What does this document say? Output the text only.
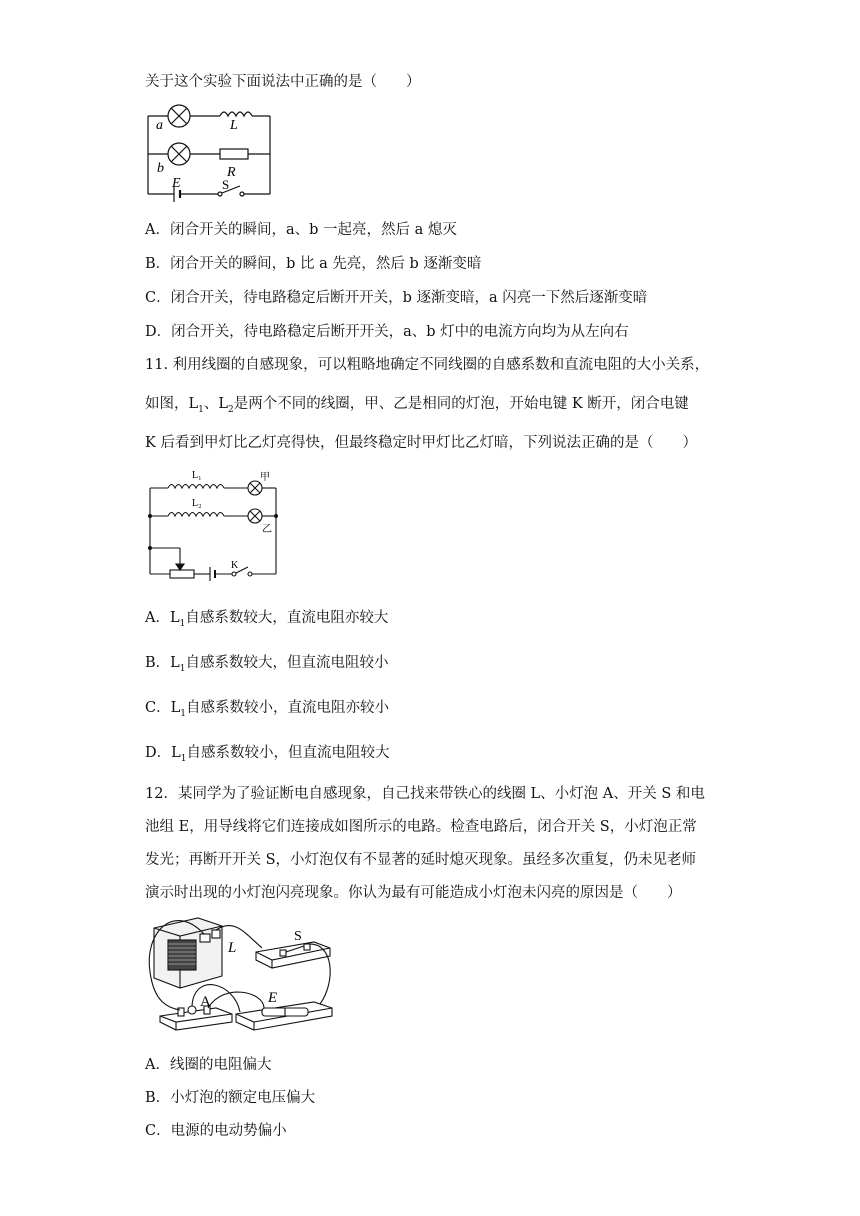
关于这个实验下面说法中正确的是（　　）
a	L
b	R
E	S
A．闭合开关的瞬间，a、b 一起亮，然后 a 熄灭
B．闭合开关的瞬间，b 比 a 先亮，然后 b 逐渐变暗
C．闭合开关，待电路稳定后断开开关，b 逐渐变暗，a 闪亮一下然后逐渐变暗
D．闭合开关，待电路稳定后断开开关，a、b 灯中的电流方向均为从左向右
11. 利用线圈的自感现象，可以粗略地确定不同线圈的自感系数和直流电阻的大小关系，
如图，$L_1$、$L_2$是两个不同的线圈，甲、乙是相同的灯泡，开始电键 K 断开，闭合电键
K 后看到甲灯比乙灯亮得快，但最终稳定时甲灯比乙灯暗，下列说法正确的是（　　）
L₁
L₂
甲
乙
K
A．$L_1$自感系数较大，直流电阻亦较大
B．$L_1$自感系数较大，但直流电阻较小
C．$L_1$自感系数较小，直流电阻亦较小
D．$L_1$自感系数较小，但直流电阻较大
12．某同学为了验证断电自感现象，自己找来带铁心的线圈 L、小灯泡 A、开关 S 和电
池组 E，用导线将它们连接成如图所示的电路。检查电路后，闭合开关 S，小灯泡正常
发光；再断开开关 S，小灯泡仅有不显著的延时熄灭现象。虽经多次重复，仍未见老师
演示时出现的小灯泡闪亮现象。你认为最有可能造成小灯泡未闪亮的原因是（　　）
L
S
A	E
A．线圈的电阻偏大
B．小灯泡的额定电压偏大
C．电源的电动势偏小
